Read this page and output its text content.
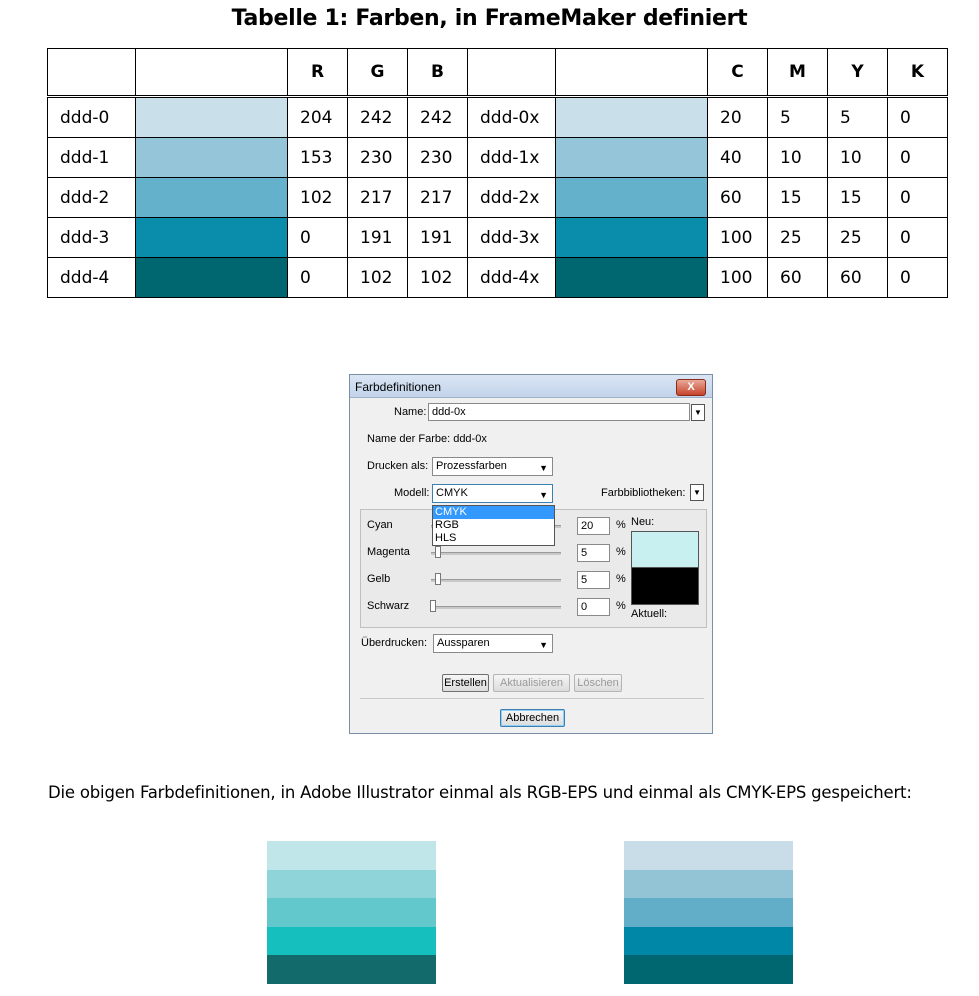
Tabelle 1: Farben, in FrameMaker definiert
		R	G	B			C	M	Y	K
ddd-0		204	242	242	ddd-0x		20	5	5	0
ddd-1		153	230	230	ddd-1x		40	10	10	0
ddd-2		102	217	217	ddd-2x		60	15	15	0
ddd-3		0	191	191	ddd-3x		100	25	25	0
ddd-4		0	102	102	ddd-4x		100	60	60	0
Farbdefinitionen	X
Name: ddd-0x	▼
Name der Farbe: ddd-0x
Drucken als: Prozessfarben	▼
Modell: CMYK	▼	Farbbibliotheken: ▼
Cyan	20	%
Magenta	5	%
Gelb	5	%
Schwarz	0	%
Neu:
Aktuell:
CMYK
RGB
HLS
Überdrucken: Aussparen	▼
Erstellen	Aktualisieren	Löschen
Abbrechen
Die obigen Farbdefinitionen, in Adobe Illustrator einmal als RGB-EPS und einmal als CMYK-EPS gespeichert:
